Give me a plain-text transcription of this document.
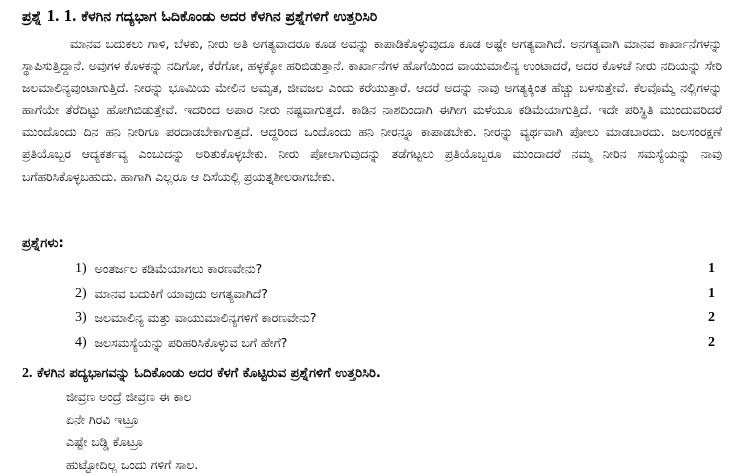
ಪ್ರಶ್ನೆ 1. 1. ಕೆಳಗಿನ ಗದ್ಯಭಾಗ ಓದಿಕೊಂಡು ಅದರ ಕೆಳಗಿನ ಪ್ರಶ್ನೆಗಳಿಗೆ ಉತ್ತರಿಸಿರಿ
ಮಾನವ ಬದುಕಲು ಗಾಳಿ, ಬೆಳಕು, ನೀರು ಅತಿ ಅಗತ್ಯವಾದರೂ ಕೂಡ ಅವನ್ನು ಕಾಪಾಡಿಕೊಳ್ಳುವುದೂ ಕೂಡ ಅಷ್ಟೇ ಅಗತ್ಯವಾಗಿದೆ. ಅನಗತ್ಯವಾಗಿ ಮಾನವ ಕಾರ್ಖಾನೆಗಳನ್ನು ಸ್ಥಾಪಿಸುತ್ತಿದ್ದಾನೆ. ಅವುಗಳ ಕೊಳಕನ್ನು ನದಿಗೋ, ಕೆರೆಗೋ, ಹಳ್ಳಕ್ಕೋ ಹರಿಬಿಡುತ್ತಾನೆ. ಕಾರ್ಖಾನೆಗಳ ಹೊಗೆಯಿಂದ ವಾಯುಮಾಲಿನ್ಯ ಉಂಟಾದರೆ, ಅದರ ಕೊಳಚೆ ನೀರು ನದಿಯನ್ನು ಸೇರಿ ಜಲಮಾಲಿನ್ಯವುಂಟಾಗುತ್ತಿದೆ. ನೀರನ್ನು ಭೂಮಿಯ ಮೇಲಿನ ಅಮೃತ, ಜೀವಜಲ ಎಂದು ಕರೆಯುತ್ತಾರೆ. ಆದರೆ ಅದನ್ನು ನಾವು ಅಗತ್ಯಕ್ಕಿಂತ ಹೆಚ್ಚು ಬಳಸುತ್ತೇವೆ. ಕೆಲವೊಮ್ಮೆ ನಲ್ಲಿಗಳನ್ನು ಹಾಗೆಯೇ ತೆರೆದಿಟ್ಟು ಹೋಗಿಬಿಡುತ್ತೇವೆ. ಇದರಿಂದ ಅಪಾರ ನೀರು ನಷ್ಟವಾಗುತ್ತದೆ. ಕಾಡಿನ ನಾಶದಿಂದಾಗಿ ಈಗೀಗ ಮಳೆಯೂ ಕಡಿಮೆಯಾಗುತ್ತಿದೆ. ಇದೇ ಪರಿಸ್ಥಿತಿ ಮುಂದುವರಿದರೆ ಮುಂದೊಂದು ದಿನ ಹನಿ ನೀರಿಗೂ ಪರದಾಡಬೇಕಾಗುತ್ತದೆ. ಆದ್ದರಿಂದ ಒಂದೊಂದು ಹನಿ ನೀರನ್ನೂ ಕಾಪಾಡಬೇಕು. ನೀರನ್ನು ವ್ಯರ್ಥವಾಗಿ ಪೋಲು ಮಾಡಬಾರದು. ಜಲಸಂರಕ್ಷಣೆ ಪ್ರತಿಯೊಬ್ಬರ ಆದ್ಯಕರ್ತವ್ಯ ಎಂಬುದನ್ನು ಅರಿತುಕೊಳ್ಳಬೇಕು. ನೀರು ಪೋಲಾಗುವುದನ್ನು ತಡೆಗಟ್ಟಲು ಪ್ರತಿಯೊಬ್ಬರೂ ಮುಂದಾದರೆ ನಮ್ಮ ನೀರಿನ ಸಮಸ್ಯೆಯನ್ನು ನಾವು ಬಗೆಹರಿಸಿಕೊಳ್ಳಬಹುದು. ಹಾಗಾಗಿ ಎಲ್ಲರೂ ಆ ದಿಸೆಯಲ್ಲಿ ಪ್ರಯತ್ನಶೀಲರಾಗಬೇಕು.
ಪ್ರಶ್ನೆಗಳು:
1) ಅಂತರ್ಜಲ ಕಡಿಮೆಯಾಗಲು ಕಾರಣವೇನು?	1
2) ಮಾನವ ಬದುಕಿಗೆ ಯಾವುದು ಅಗತ್ಯವಾಗಿದೆ?	1
3) ಜಲಮಾಲಿನ್ಯ ಮತ್ತು ವಾಯುಮಾಲಿನ್ಯಗಳಿಗೆ ಕಾರಣವೇನು?	2
4) ಜಲಸಮಸ್ಯೆಯನ್ನು ಪರಿಹರಿಸಿಕೊಳ್ಳುವ ಬಗೆ ಹೇಗೆ?	2
2. ಕೆಳಗಿನ ಪದ್ಯಭಾಗವನ್ನು ಓದಿಕೊಂಡು ಅದರ ಕೆಳಗೆ ಕೊಟ್ಟಿರುವ ಪ್ರಶ್ನೆಗಳಿಗೆ ಉತ್ತರಿಸಿರಿ.
ಜೀವ್ರಣ ಅಂದ್ರೆ ಜೀವ್ರಣ ಈ ಕಾಲ
ಏನೇ ಗಿರವಿ ಇಟ್ರೂ
ಎಷ್ಟೇ ಬಡ್ಡಿ ಕೊಟ್ರೂ
ಹುಟ್ಟೋದಿಲ್ಲ ಒಂದು ಗಳಿಗೆ ಸಾಲ.
